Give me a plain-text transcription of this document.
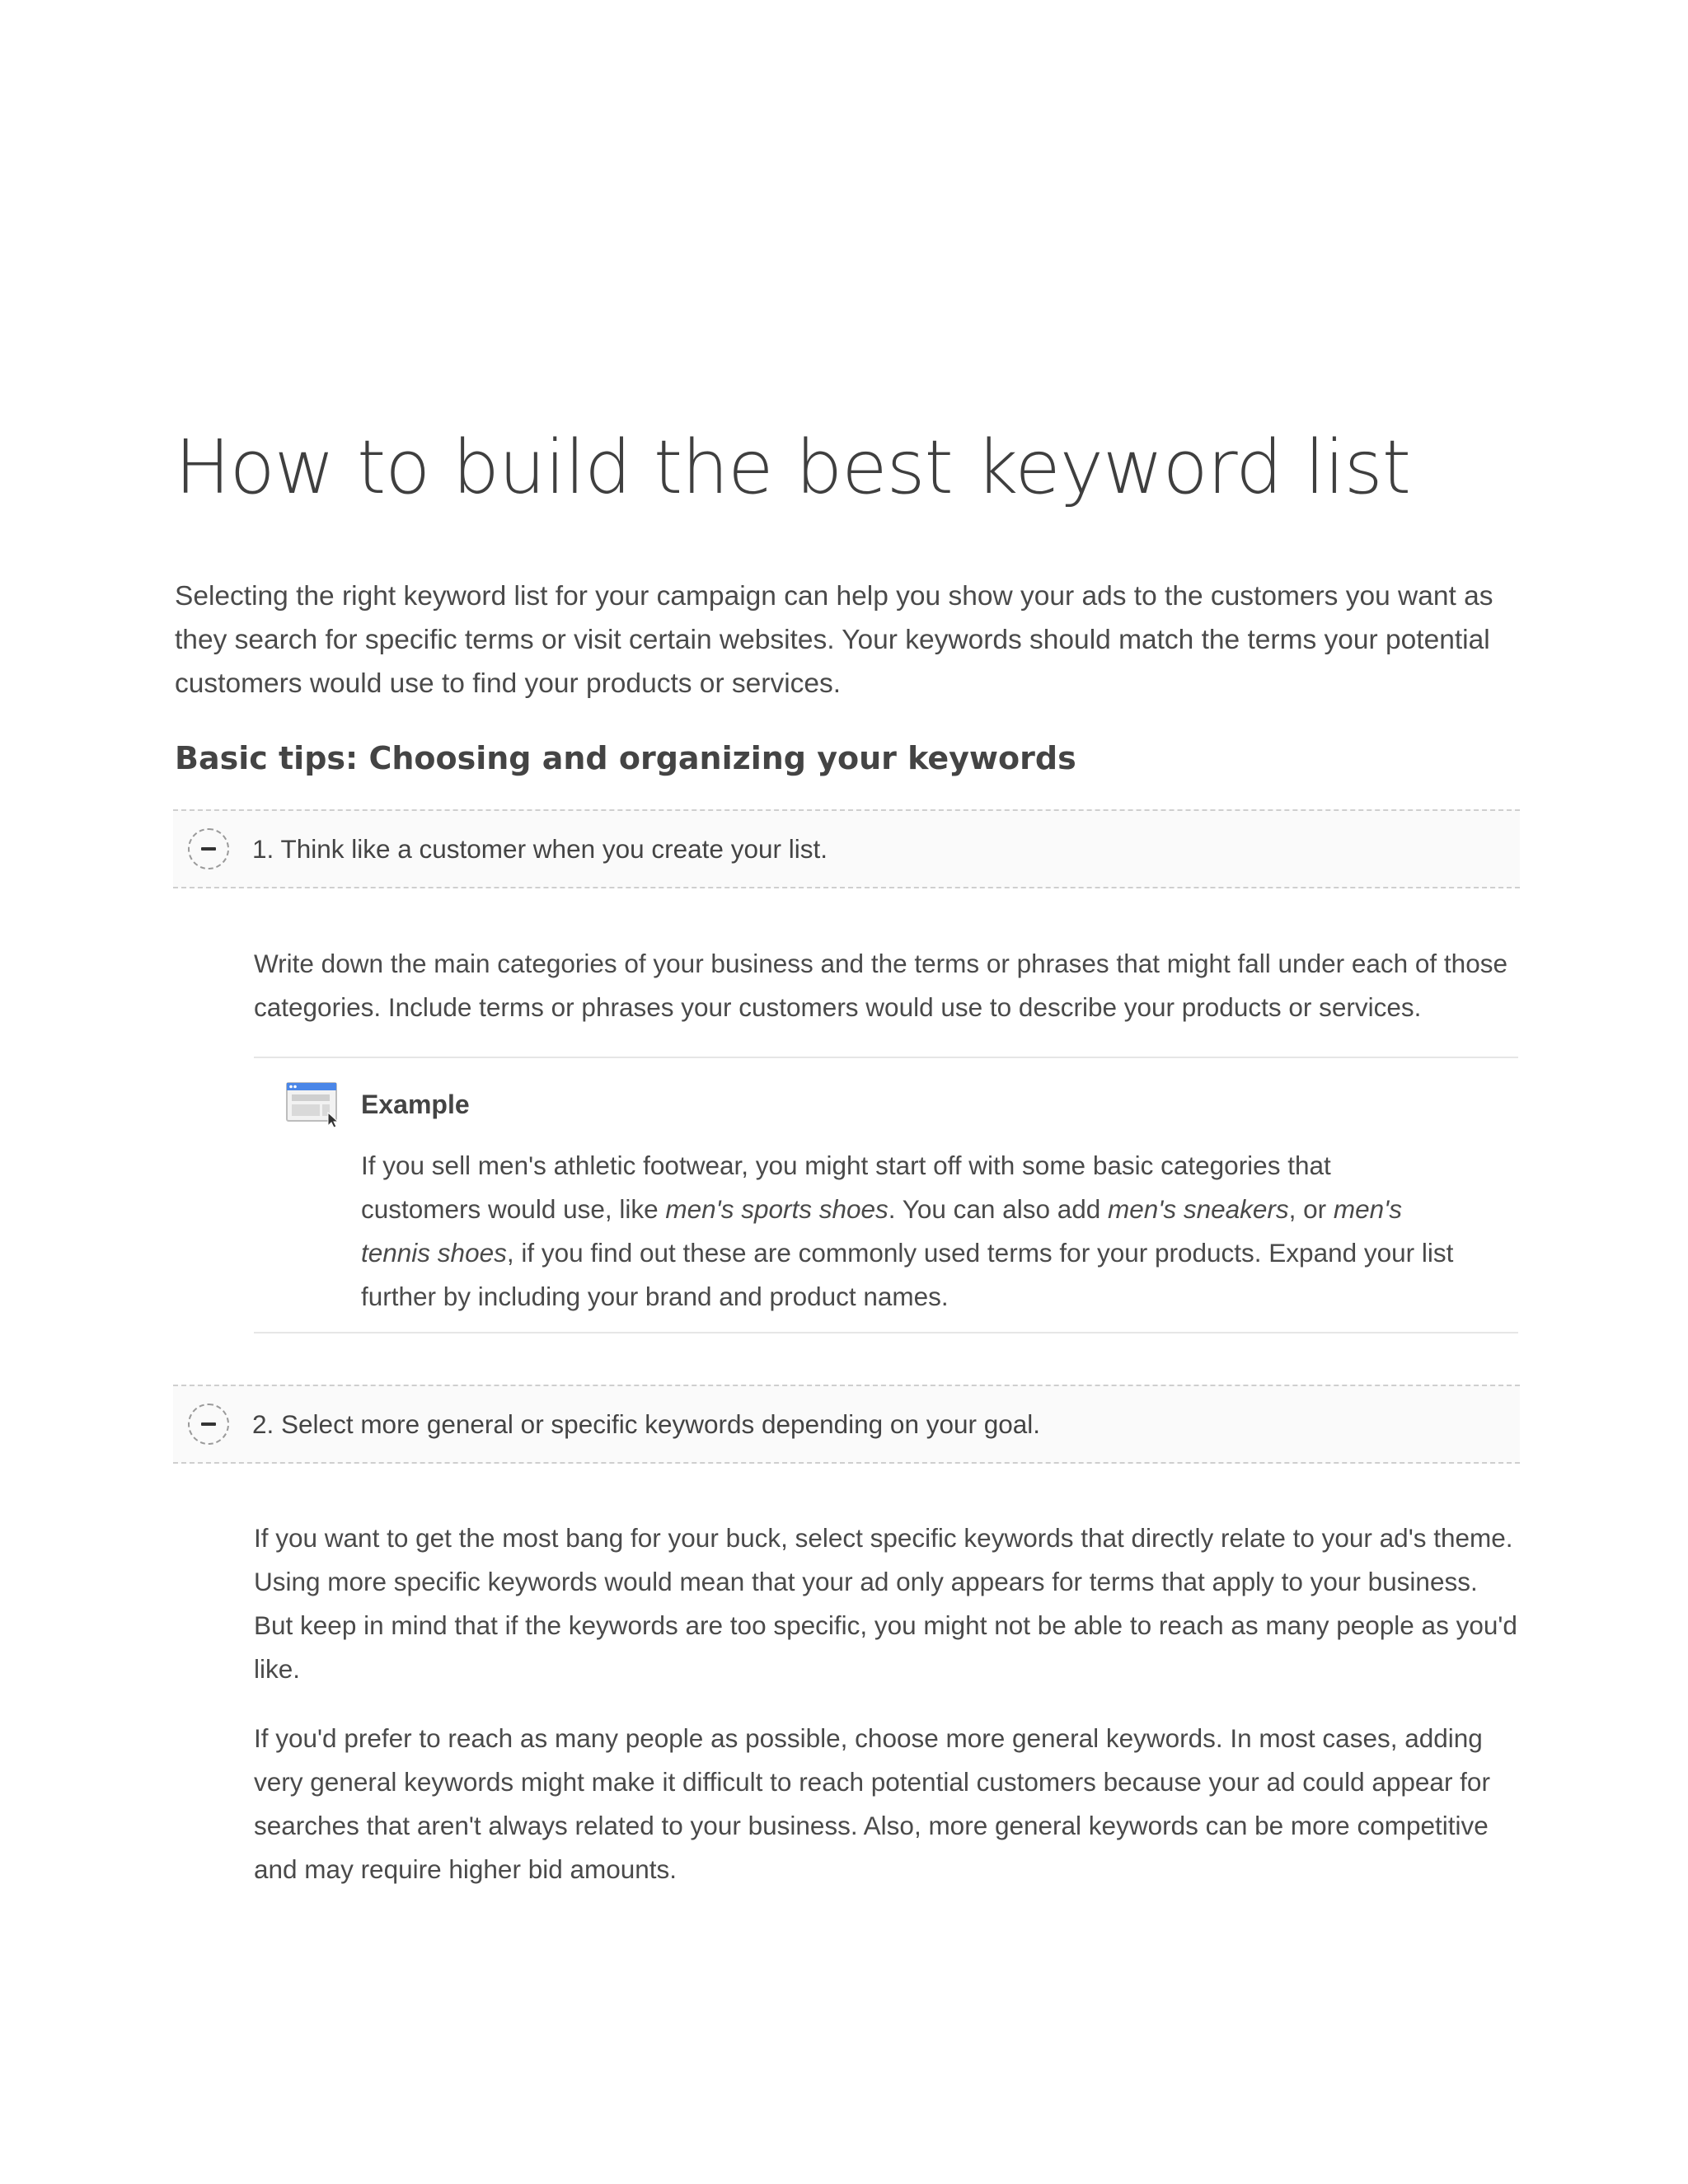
How to build the best keyword list

Selecting the right keyword list for your campaign can help you show your ads to the customers you want as they search for specific terms or visit certain websites. Your keywords should match the terms your potential customers would use to find your products or services.

Basic tips: Choosing and organizing your keywords
1. Think like a customer when you create your list.

Write down the main categories of your business and the terms or phrases that might fall under each of those categories. Include terms or phrases your customers would use to describe your products or services.

Example

If you sell men's athletic footwear, you might start off with some basic categories that customers would use, like men's sports shoes. You can also add men's sneakers, or men's tennis shoes, if you find out these are commonly used terms for your products. Expand your list further by including your brand and product names.

2. Select more general or specific keywords depending on your goal.

If you want to get the most bang for your buck, select specific keywords that directly relate to your ad's theme. Using more specific keywords would mean that your ad only appears for terms that apply to your business. But keep in mind that if the keywords are too specific, you might not be able to reach as many people as you'd like.

If you'd prefer to reach as many people as possible, choose more general keywords. In most cases, adding very general keywords might make it difficult to reach potential customers because your ad could appear for searches that aren't always related to your business. Also, more general keywords can be more competitive and may require higher bid amounts.
